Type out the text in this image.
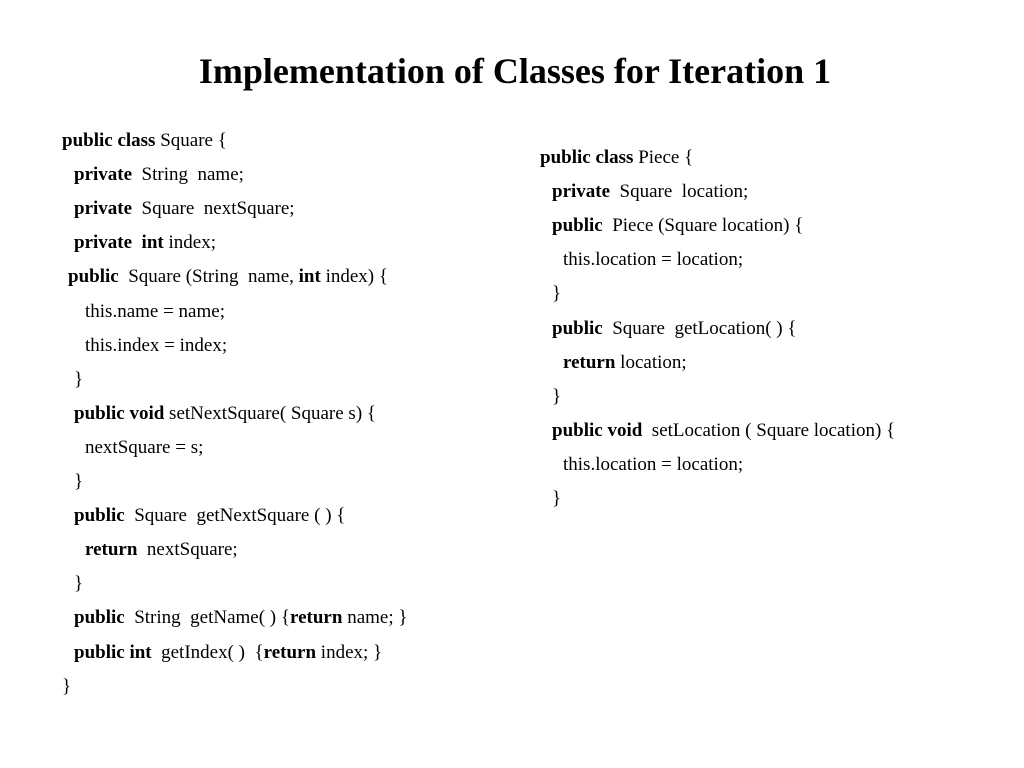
Implementation of Classes for Iteration 1
public class Square {
private  String  name;
private  Square  nextSquare;
private int index;
public  Square (String  name, int index) {
this.name = name;
this.index = index;
}
public void setNextSquare( Square s) {
nextSquare = s;
}
public  Square  getNextSquare ( ) {
return  nextSquare;
}
public  String  getName( ) {return name; }
public int  getIndex( )  {return index; }
}
public class Piece {
private  Square  location;
public  Piece (Square location) {
this.location = location;
}
public  Square  getLocation( ) {
return location;
}
public void  setLocation ( Square location) {
this.location = location;
}
